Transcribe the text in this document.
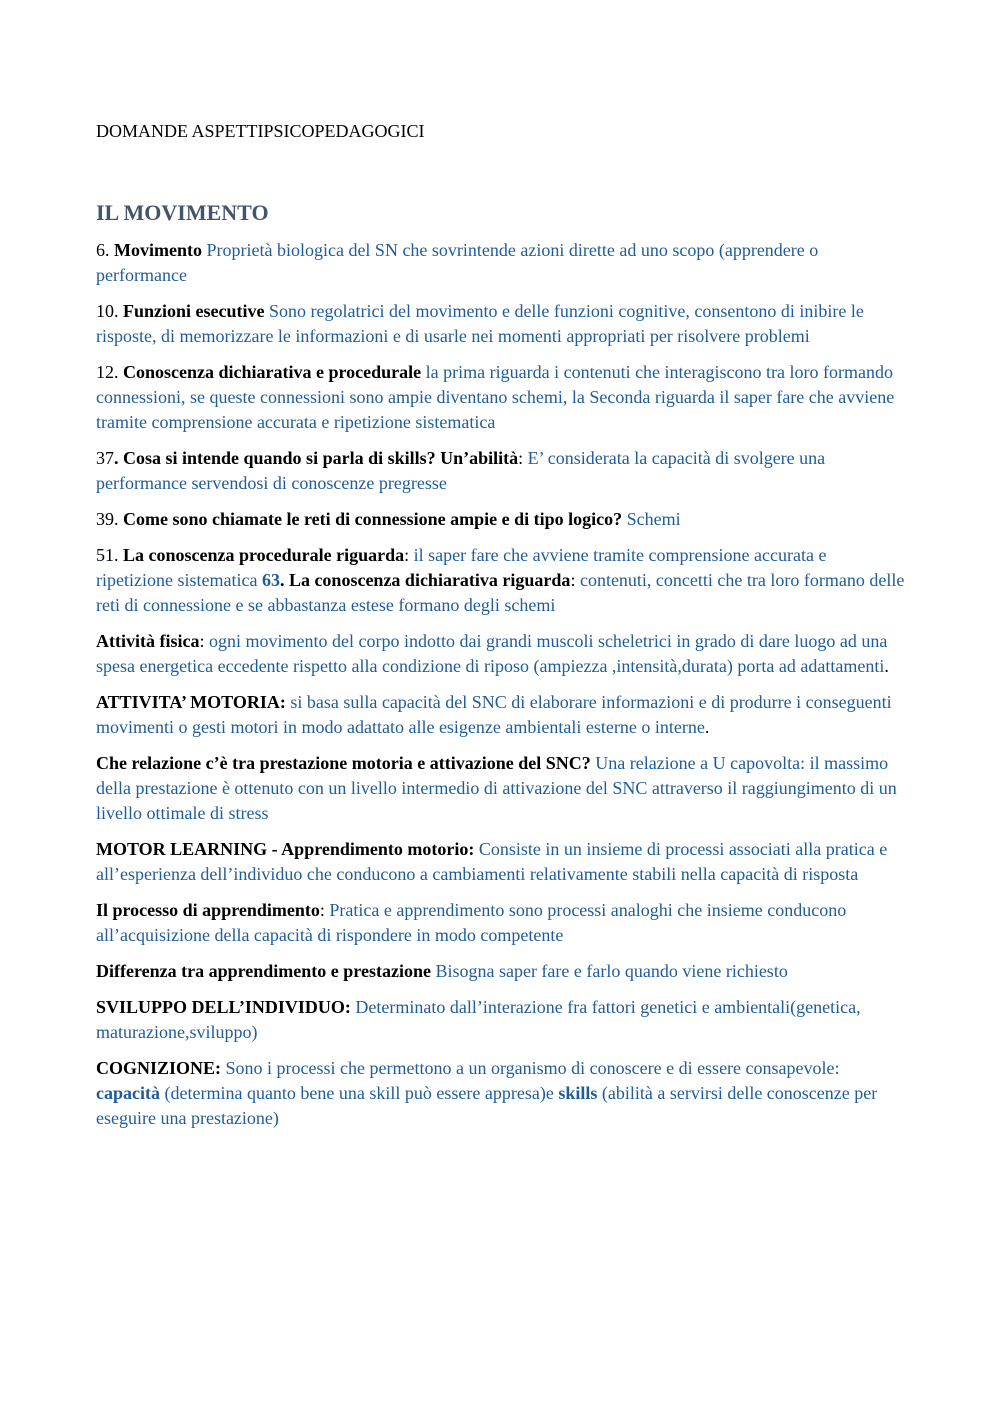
DOMANDE ASPETTIPSICOPEDAGOGICI

IL MOVIMENTO

6. Movimento Proprietà biologica del SN che sovrintende azioni dirette ad uno scopo (apprendere o performance

10. Funzioni esecutive Sono regolatrici del movimento e delle funzioni cognitive, consentono di inibire le risposte, di memorizzare le informazioni e di usarle nei momenti appropriati per risolvere problemi

12. Conoscenza dichiarativa e procedurale la prima riguarda i contenuti che interagiscono tra loro formando connessioni, se queste connessioni sono ampie diventano schemi, la Seconda riguarda il saper fare che avviene tramite comprensione accurata e ripetizione sistematica

37. Cosa si intende quando si parla di skills? Un’abilità: E’ considerata la capacità di svolgere una performance servendosi di conoscenze pregresse

39. Come sono chiamate le reti di connessione ampie e di tipo logico? Schemi

51. La conoscenza procedurale riguarda: il saper fare che avviene tramite comprensione accurata e ripetizione sistematica 63. La conoscenza dichiarativa riguarda: contenuti, concetti che tra loro formano delle reti di connessione e se abbastanza estese formano degli schemi

Attività fisica: ogni movimento del corpo indotto dai grandi muscoli scheletrici in grado di dare luogo ad una spesa energetica eccedente rispetto alla condizione di riposo (ampiezza ,intensità,durata) porta ad adattamenti.

ATTIVITA’ MOTORIA: si basa sulla capacità del SNC di elaborare informazioni e di produrre i conseguenti movimenti o gesti motori in modo adattato alle esigenze ambientali esterne o interne.

Che relazione c’è tra prestazione motoria e attivazione del SNC? Una relazione a U capovolta: il massimo della prestazione è ottenuto con un livello intermedio di attivazione del SNC attraverso il raggiungimento di un livello ottimale di stress

MOTOR LEARNING - Apprendimento motorio: Consiste in un insieme di processi associati alla pratica e all’esperienza dell’individuo che conducono a cambiamenti relativamente stabili nella capacità di risposta

Il processo di apprendimento: Pratica e apprendimento sono processi analoghi che insieme conducono all’acquisizione della capacità di rispondere in modo competente

Differenza tra apprendimento e prestazione Bisogna saper fare e farlo quando viene richiesto

SVILUPPO DELL’INDIVIDUO: Determinato dall’interazione fra fattori genetici e ambientali(genetica, maturazione,sviluppo)

COGNIZIONE: Sono i processi che permettono a un organismo di conoscere e di essere consapevole: capacità (determina quanto bene una skill può essere appresa)e skills (abilità a servirsi delle conoscenze per eseguire una prestazione)
